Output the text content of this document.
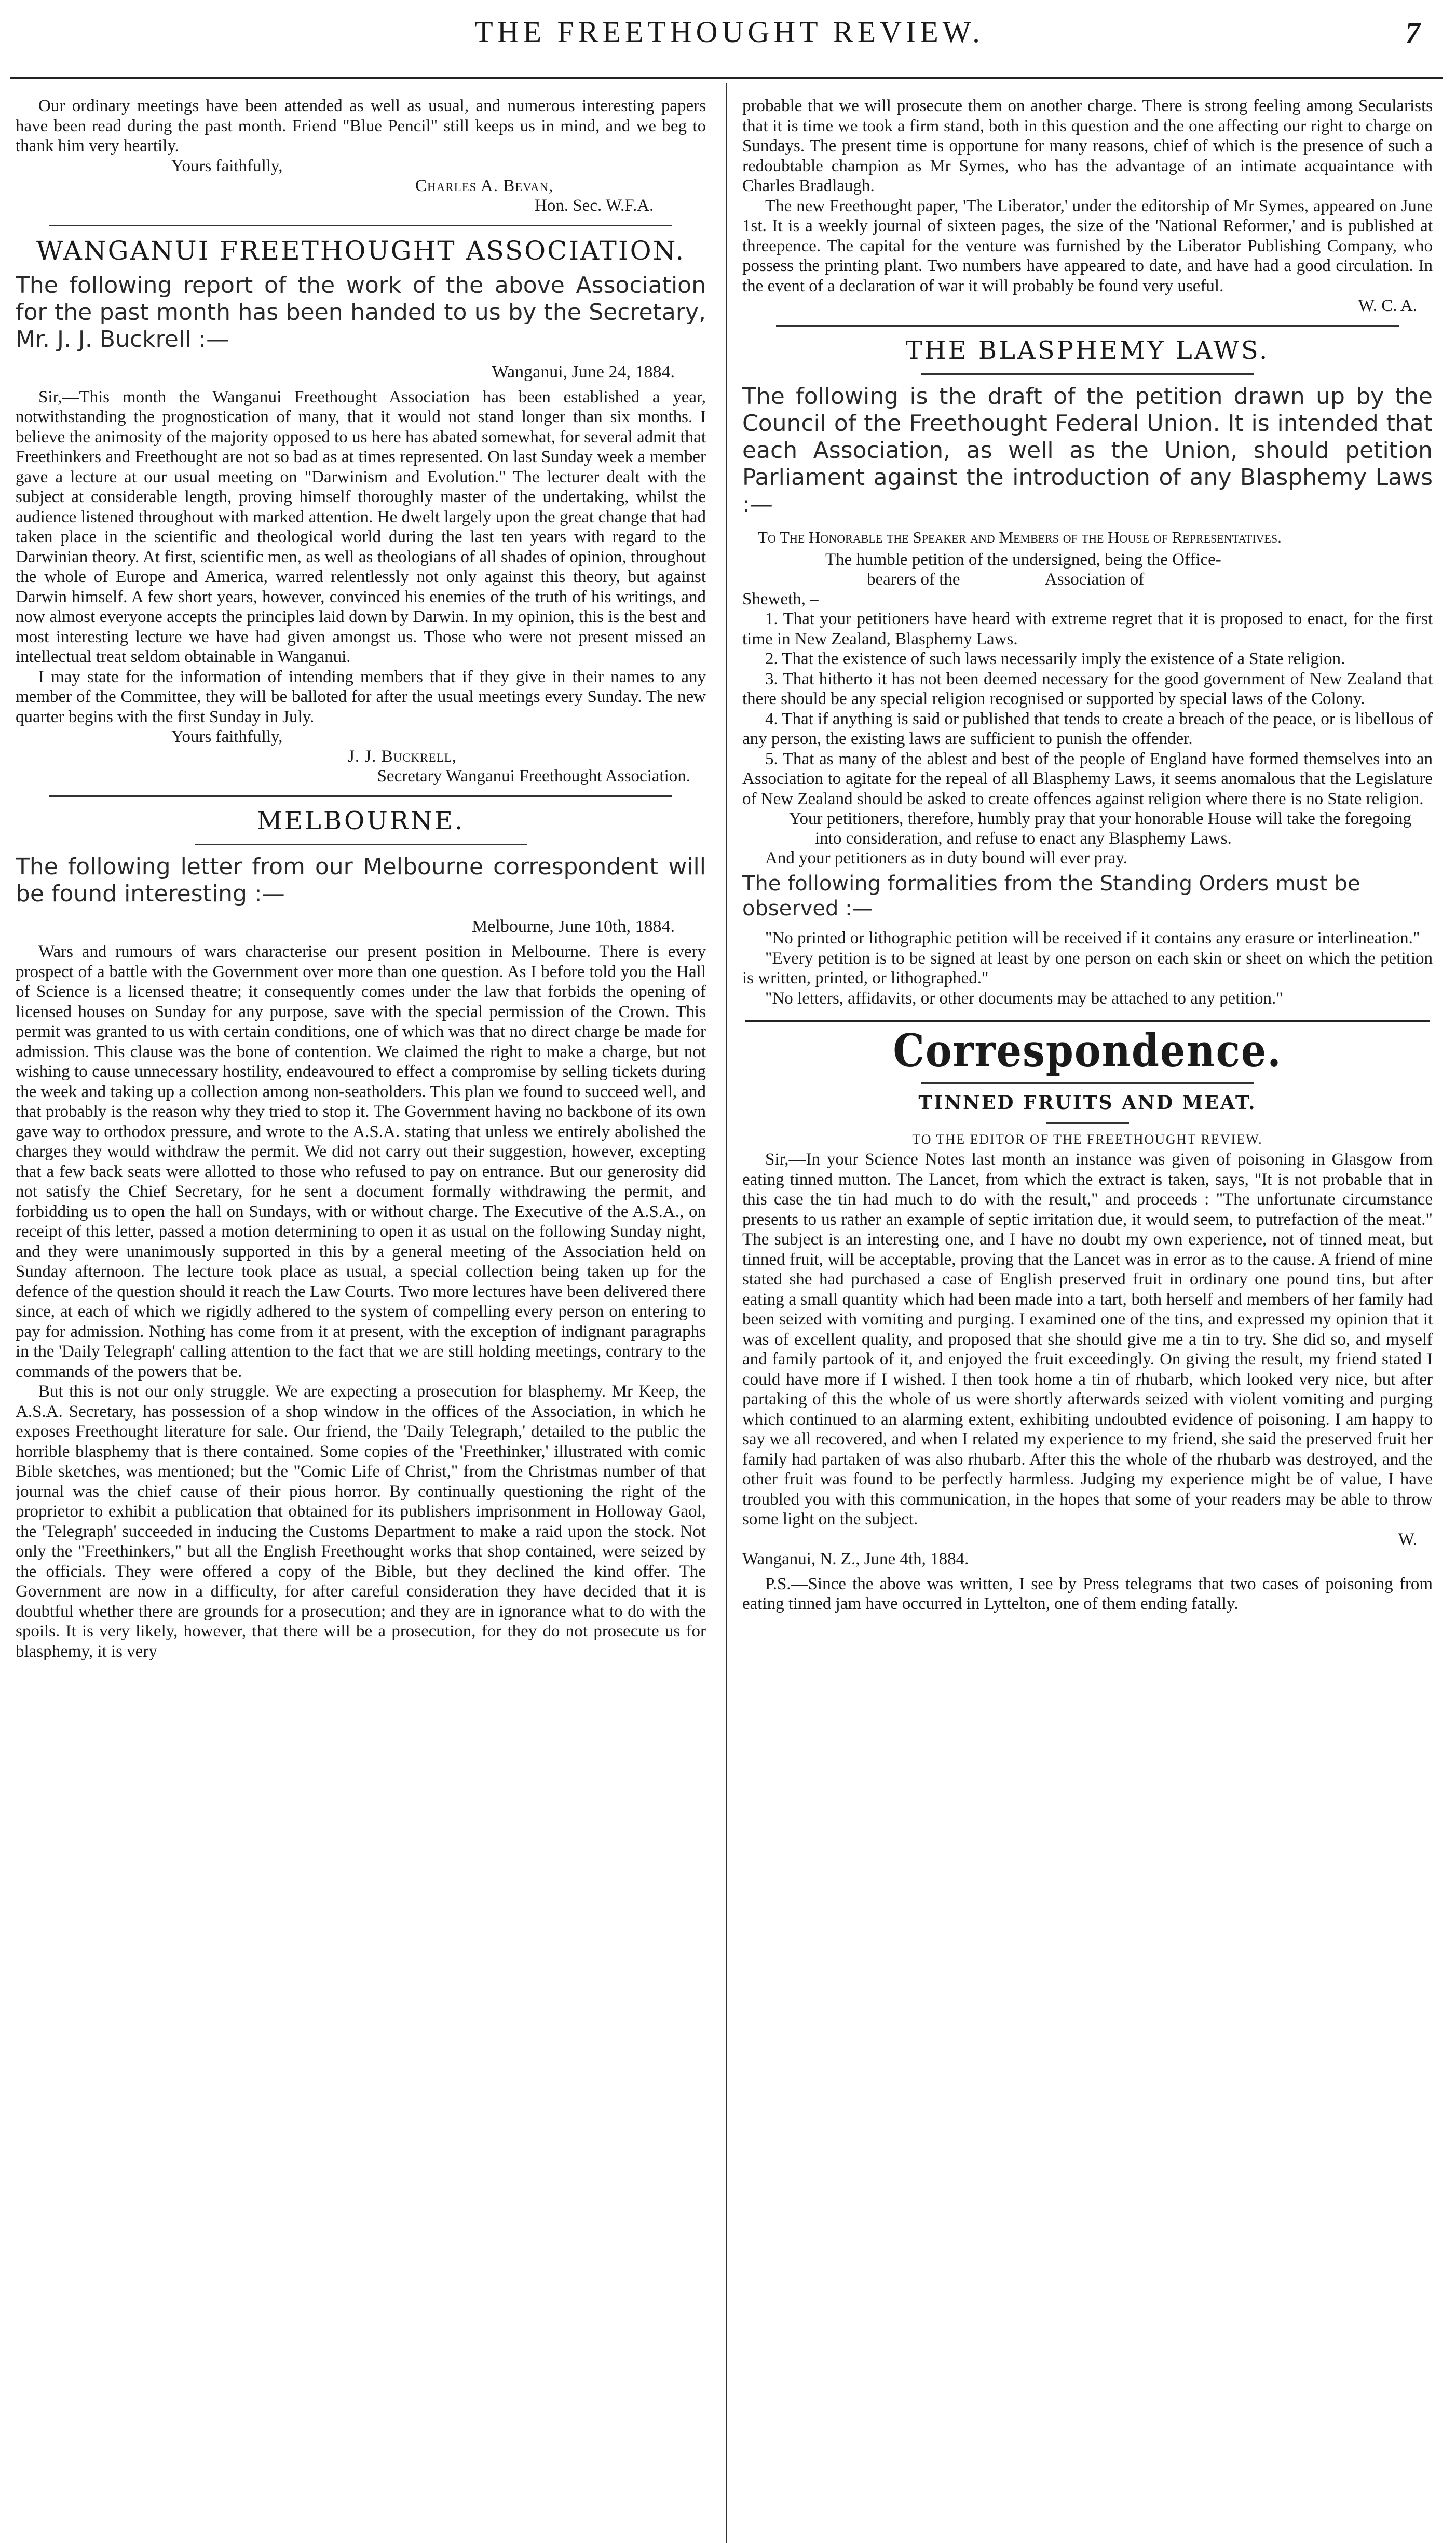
THE FREETHOUGHT REVIEW.	7

Our ordinary meetings have been attended as well as usual, and numerous interesting papers have been read during the past month. Friend "Blue Pencil" still keeps us in mind, and we beg to thank him very heartily.

Yours faithfully,

Charles A. Bevan,

Hon. Sec. W.F.A.

WANGANUI FREETHOUGHT ASSOCIATION.

The following report of the work of the above Association for the past month has been handed to us by the Secretary, Mr. J. J. Buckrell :—

Wanganui, June 24, 1884.

Sir,—This month the Wanganui Freethought Association has been established a year, notwithstanding the prognostication of many, that it would not stand longer than six months. I believe the animosity of the majority opposed to us here has abated somewhat, for several admit that Freethinkers and Freethought are not so bad as at times represented. On last Sunday week a member gave a lecture at our usual meeting on "Darwinism and Evolution." The lecturer dealt with the subject at considerable length, proving himself thoroughly master of the undertaking, whilst the audience listened throughout with marked attention. He dwelt largely upon the great change that had taken place in the scientific and theological world during the last ten years with regard to the Darwinian theory. At first, scientific men, as well as theologians of all shades of opinion, throughout the whole of Europe and America, warred relentlessly not only against this theory, but against Darwin himself. A few short years, however, convinced his enemies of the truth of his writings, and now almost everyone accepts the principles laid down by Darwin. In my opinion, this is the best and most interesting lecture we have had given amongst us. Those who were not present missed an intellectual treat seldom obtainable in Wanganui.

I may state for the information of intending members that if they give in their names to any member of the Committee, they will be balloted for after the usual meetings every Sunday. The new quarter begins with the first Sunday in July.

Yours faithfully,

J. J. Buckrell,

Secretary Wanganui Freethought Association.

MELBOURNE.

The following letter from our Melbourne correspondent will be found interesting :—

Melbourne, June 10th, 1884.

Wars and rumours of wars characterise our present position in Melbourne. There is every prospect of a battle with the Government over more than one question. As I before told you the Hall of Science is a licensed theatre; it consequently comes under the law that forbids the opening of licensed houses on Sunday for any purpose, save with the special permission of the Crown. This permit was granted to us with certain conditions, one of which was that no direct charge be made for admission. This clause was the bone of contention. We claimed the right to make a charge, but not wishing to cause unnecessary hostility, endeavoured to effect a compromise by selling tickets during the week and taking up a collection among non-seatholders. This plan we found to succeed well, and that probably is the reason why they tried to stop it. The Government having no backbone of its own gave way to orthodox pressure, and wrote to the A.S.A. stating that unless we entirely abolished the charges they would withdraw the permit. We did not carry out their suggestion, however, excepting that a few back seats were allotted to those who refused to pay on entrance. But our generosity did not satisfy the Chief Secretary, for he sent a document formally withdrawing the permit, and forbidding us to open the hall on Sundays, with or without charge. The Executive of the A.S.A., on receipt of this letter, passed a motion determining to open it as usual on the following Sunday night, and they were unanimously supported in this by a general meeting of the Association held on Sunday afternoon. The lecture took place as usual, a special collection being taken up for the defence of the question should it reach the Law Courts. Two more lectures have been delivered there since, at each of which we rigidly adhered to the system of compelling every person on entering to pay for admission. Nothing has come from it at present, with the exception of indignant paragraphs in the 'Daily Telegraph' calling attention to the fact that we are still holding meetings, contrary to the commands of the powers that be.

But this is not our only struggle. We are expecting a prosecution for blasphemy. Mr Keep, the A.S.A. Secretary, has possession of a shop window in the offices of the Association, in which he exposes Freethought literature for sale. Our friend, the 'Daily Telegraph,' detailed to the public the horrible blasphemy that is there contained. Some copies of the 'Freethinker,' illustrated with comic Bible sketches, was mentioned; but the "Comic Life of Christ," from the Christmas number of that journal was the chief cause of their pious horror. By continually questioning the right of the proprietor to exhibit a publication that obtained for its publishers imprisonment in Holloway Gaol, the 'Telegraph' succeeded in inducing the Customs Department to make a raid upon the stock. Not only the "Freethinkers," but all the English Freethought works that shop contained, were seized by the officials. They were offered a copy of the Bible, but they declined the kind offer. The Government are now in a difficulty, for after careful consideration they have decided that it is doubtful whether there are grounds for a prosecution; and they are in ignorance what to do with the spoils. It is very likely, however, that there will be a prosecution, for they do not prosecute us for blasphemy, it is very

probable that we will prosecute them on another charge. There is strong feeling among Secularists that it is time we took a firm stand, both in this question and the one affecting our right to charge on Sundays. The present time is opportune for many reasons, chief of which is the presence of such a redoubtable champion as Mr Symes, who has the advantage of an intimate acquaintance with Charles Bradlaugh.

The new Freethought paper, 'The Liberator,' under the editorship of Mr Symes, appeared on June 1st. It is a weekly journal of sixteen pages, the size of the 'National Reformer,' and is published at threepence. The capital for the venture was furnished by the Liberator Publishing Company, who possess the printing plant. Two numbers have appeared to date, and have had a good circulation. In the event of a declaration of war it will probably be found very useful.

W. C. A.

THE BLASPHEMY LAWS.

The following is the draft of the petition drawn up by the Council of the Freethought Federal Union. It is intended that each Association, as well as the Union, should petition Parliament against the introduction of any Blasphemy Laws :—

To The Honorable the Speaker and Members of the House of Representatives.

The humble petition of the undersigned, being the Office-

bearers of the                    Association of

Sheweth, –

1. That your petitioners have heard with extreme regret that it is proposed to enact, for the first time in New Zealand, Blasphemy Laws.

2. That the existence of such laws necessarily imply the existence of a State religion.

3. That hitherto it has not been deemed necessary for the good government of New Zealand that there should be any special religion recognised or supported by special laws of the Colony.

4. That if anything is said or published that tends to create a breach of the peace, or is libellous of any person, the existing laws are sufficient to punish the offender.

5. That as many of the ablest and best of the people of England have formed themselves into an Association to agitate for the repeal of all Blasphemy Laws, it seems anomalous that the Legislature of New Zealand should be asked to create offences against religion where there is no State religion.

Your petitioners, therefore, humbly pray that your honorable House will take the foregoing into consideration, and refuse to enact any Blasphemy Laws.

And your petitioners as in duty bound will ever pray.

The following formalities from the Standing Orders must be observed :—

"No printed or lithographic petition will be received if it contains any erasure or interlineation."

"Every petition is to be signed at least by one person on each skin or sheet on which the petition is written, printed, or lithographed."

"No letters, affidavits, or other documents may be attached to any petition."

Correspondence.
TINNED FRUITS AND MEAT.

TO THE EDITOR OF THE FREETHOUGHT REVIEW.

Sir,—In your Science Notes last month an instance was given of poisoning in Glasgow from eating tinned mutton. The Lancet, from which the extract is taken, says, "It is not probable that in this case the tin had much to do with the result," and proceeds : "The unfortunate circumstance presents to us rather an example of septic irritation due, it would seem, to putrefaction of the meat." The subject is an interesting one, and I have no doubt my own experience, not of tinned meat, but tinned fruit, will be acceptable, proving that the Lancet was in error as to the cause. A friend of mine stated she had purchased a case of English preserved fruit in ordinary one pound tins, but after eating a small quantity which had been made into a tart, both herself and members of her family had been seized with vomiting and purging. I examined one of the tins, and expressed my opinion that it was of excellent quality, and proposed that she should give me a tin to try. She did so, and myself and family partook of it, and enjoyed the fruit exceedingly. On giving the result, my friend stated I could have more if I wished. I then took home a tin of rhubarb, which looked very nice, but after partaking of this the whole of us were shortly afterwards seized with violent vomiting and purging which continued to an alarming extent, exhibiting undoubted evidence of poisoning. I am happy to say we all recovered, and when I related my experience to my friend, she said the preserved fruit her family had partaken of was also rhubarb. After this the whole of the rhubarb was destroyed, and the other fruit was found to be perfectly harmless. Judging my experience might be of value, I have troubled you with this communication, in the hopes that some of your readers may be able to throw some light on the subject.

W.

Wanganui, N. Z., June 4th, 1884.

P.S.—Since the above was written, I see by Press telegrams that two cases of poisoning from eating tinned jam have occurred in Lyttelton, one of them ending fatally.
